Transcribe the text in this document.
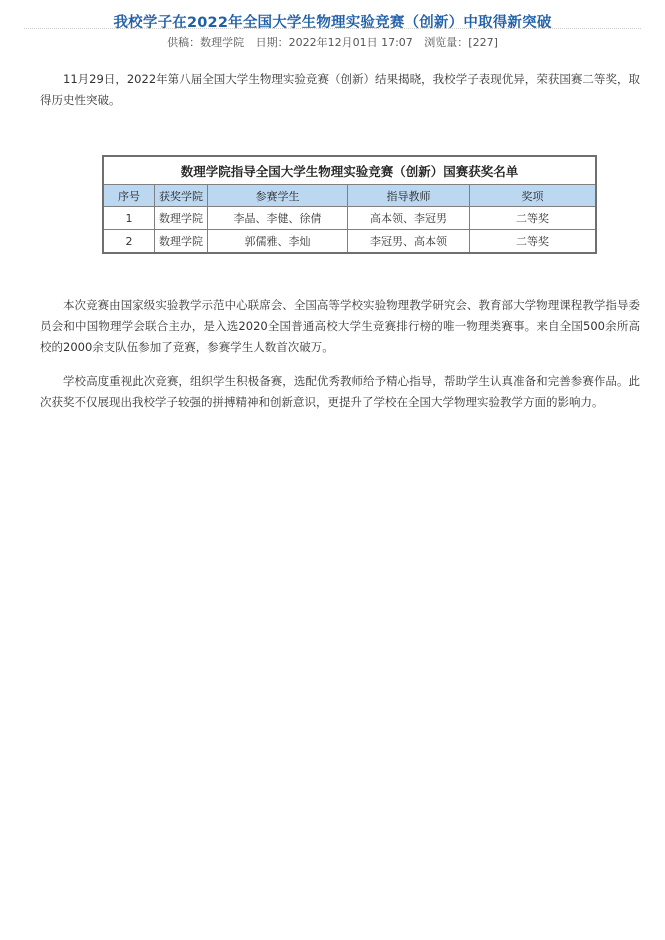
我校学子在2022年全国大学生物理实验竞赛（创新）中取得新突破
供稿：数理学院 日期：2022年12月01日 17:07 浏览量：[227]

11月29日，2022年第八届全国大学生物理实验竞赛（创新）结果揭晓，我校学子表现优异，荣获国赛二等奖，取得历史性突破。

数理学院指导全国大学生物理实验竞赛（创新）国赛获奖名单				
序号	获奖学院	参赛学生	指导教师	奖项
1	数理学院	李晶、李健、徐倩	高本领、李冠男	二等奖
2	数理学院	郭儒雅、李灿	李冠男、高本领	二等奖

本次竞赛由国家级实验教学示范中心联席会、全国高等学校实验物理教学研究会、教育部大学物理课程教学指导委员会和中国物理学会联合主办，是入选2020全国普通高校大学生竞赛排行榜的唯一物理类赛事。来自全国500余所高校的2000余支队伍参加了竞赛，参赛学生人数首次破万。

学校高度重视此次竞赛，组织学生积极备赛，选配优秀教师给予精心指导，帮助学生认真准备和完善参赛作品。此次获奖不仅展现出我校学子较强的拼搏精神和创新意识，更提升了学校在全国大学物理实验教学方面的影响力。
